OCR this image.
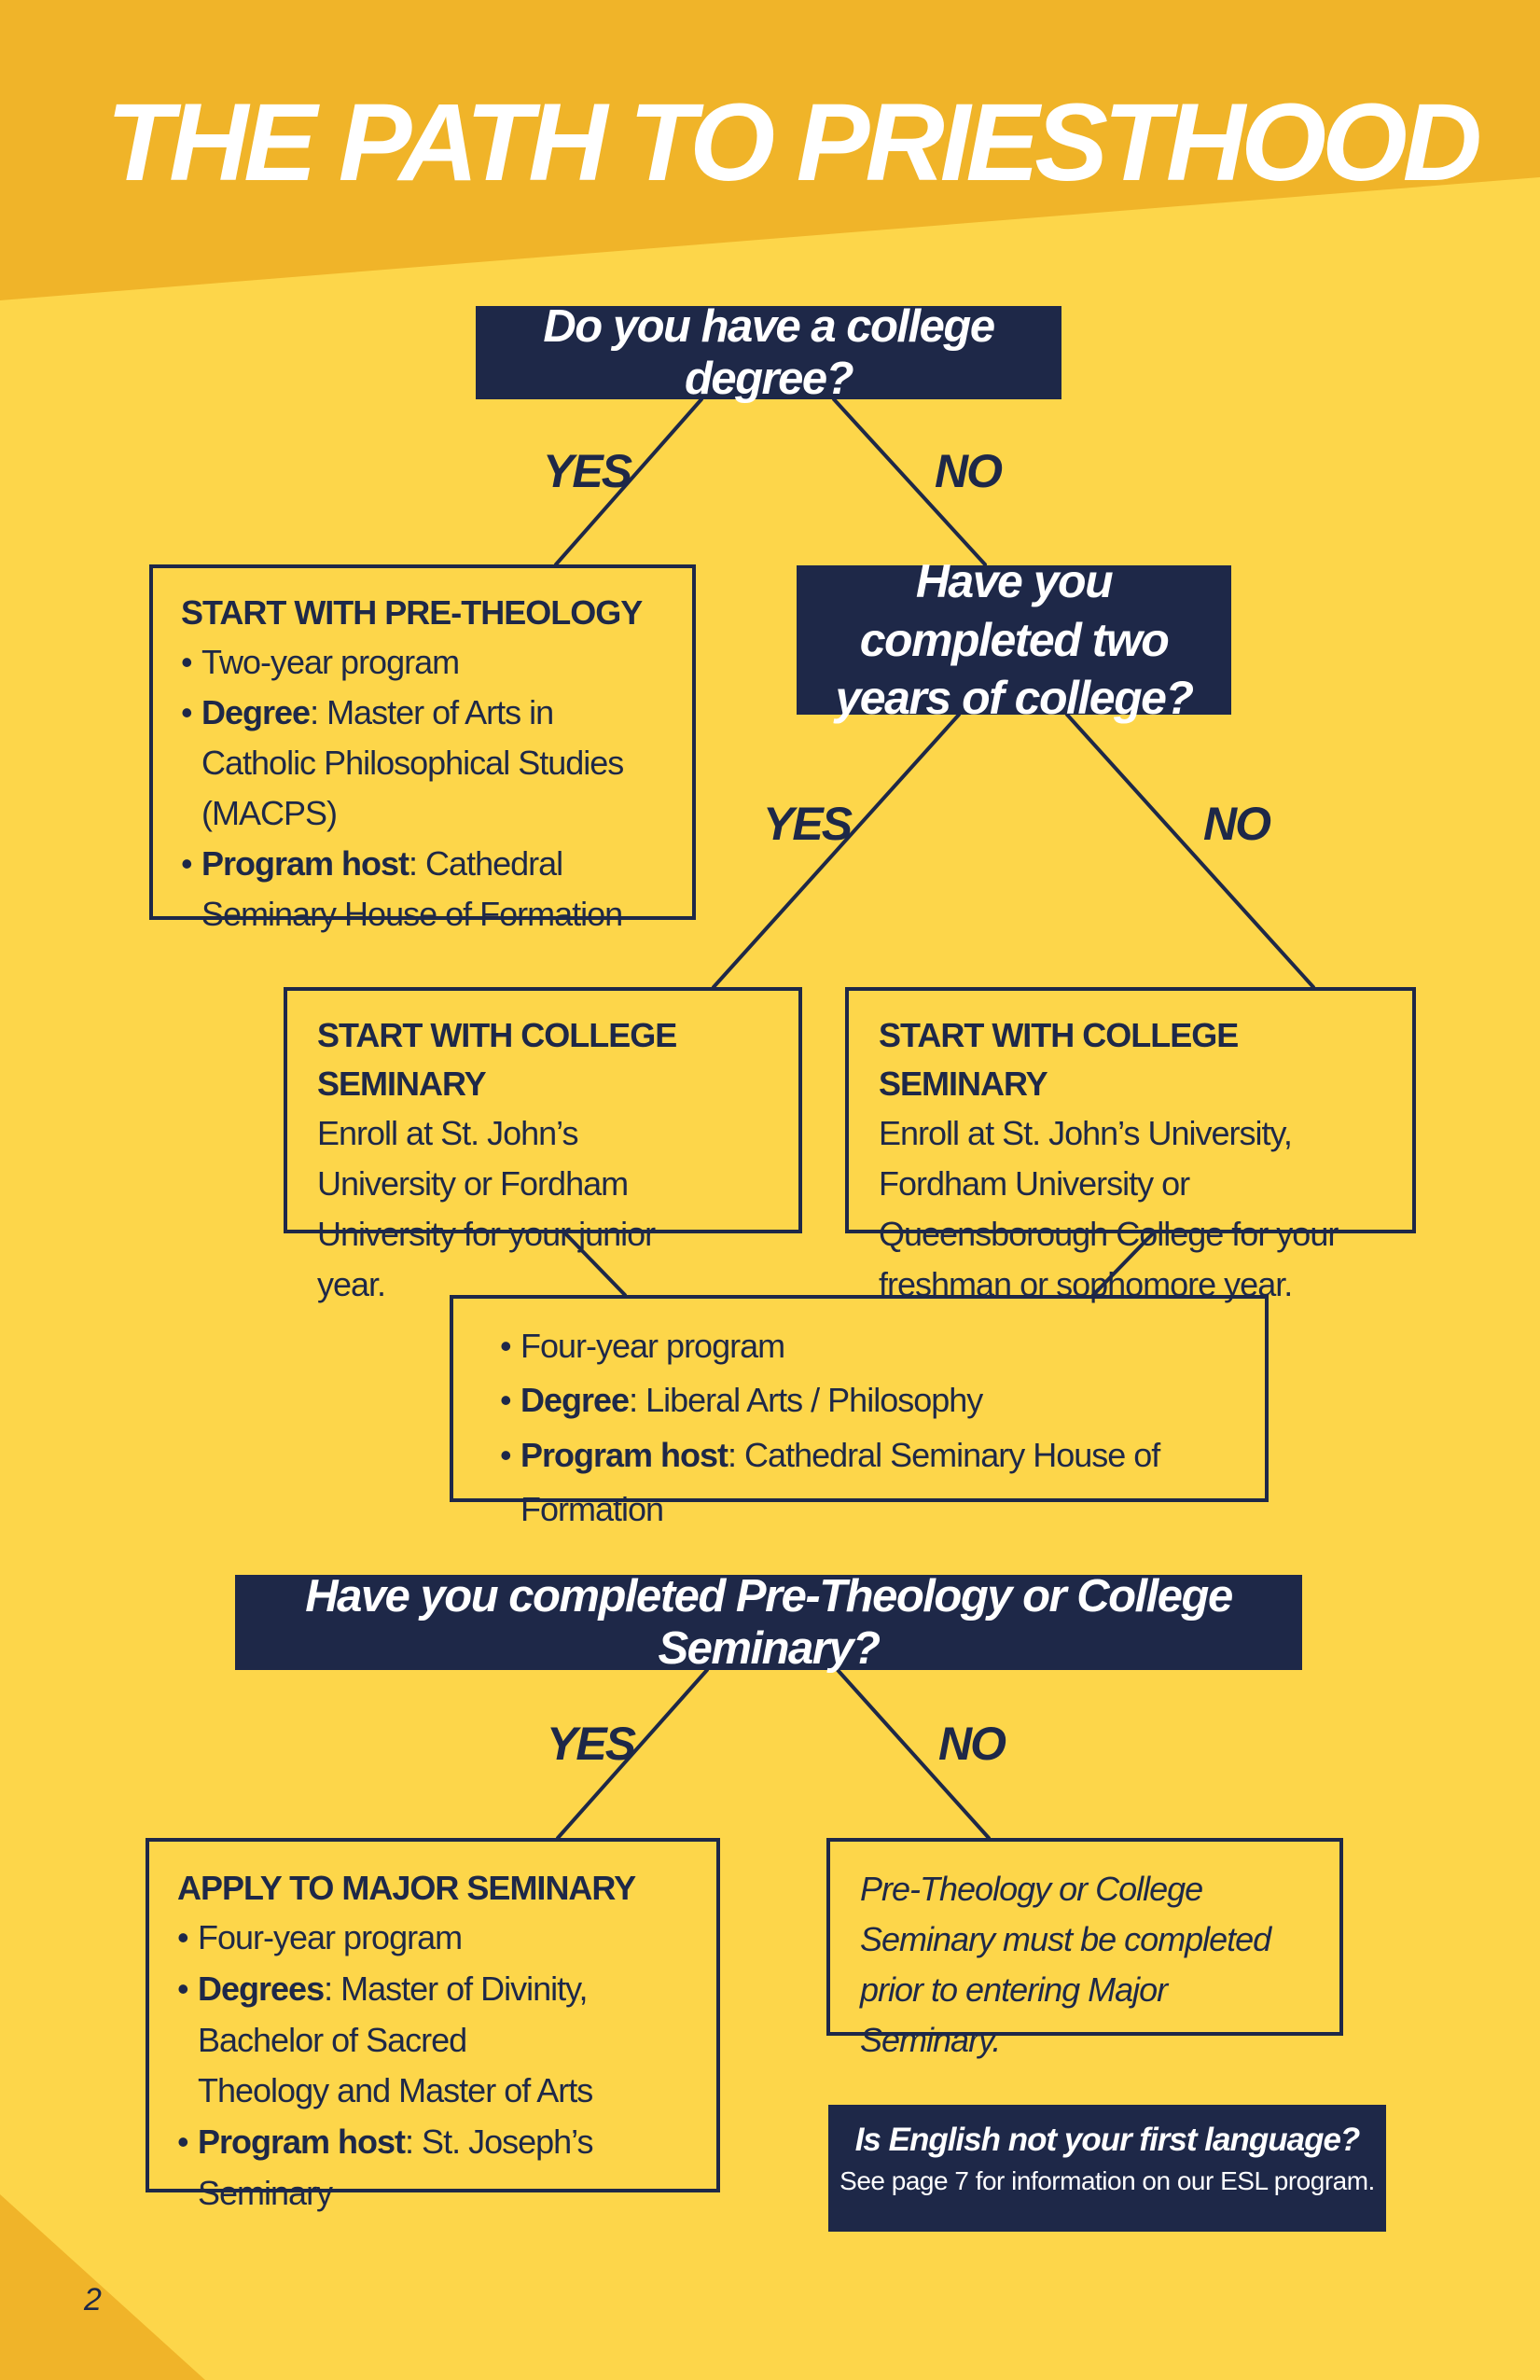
THE PATH TO PRIESTHOOD
Do you have a college degree?
YES	NO
START WITH PRE-THEOLOGY
• Two-year program
• Degree: Master of Arts in Catholic Philosophical Studies (MACPS)
• Program host: Cathedral Seminary House of Formation
Have you completed two years of college?
YES	NO
START WITH COLLEGE SEMINARY
Enroll at St. John’s University or Fordham University for your junior year.
START WITH COLLEGE SEMINARY
Enroll at St. John’s University, Fordham University or Queensborough College for your freshman or sophomore year.
• Four-year program
• Degree: Liberal Arts / Philosophy
• Program host: Cathedral Seminary House of Formation
Have you completed Pre-Theology or College Seminary?
YES	NO
APPLY TO MAJOR SEMINARY
• Four-year program
• Degrees: Master of Divinity, Bachelor of Sacred Theology and Master of Arts
• Program host: St. Joseph’s Seminary
Pre-Theology or College Seminary must be completed prior to entering Major Seminary.
Is English not your first language?
See page 7 for information on our ESL program.
2
